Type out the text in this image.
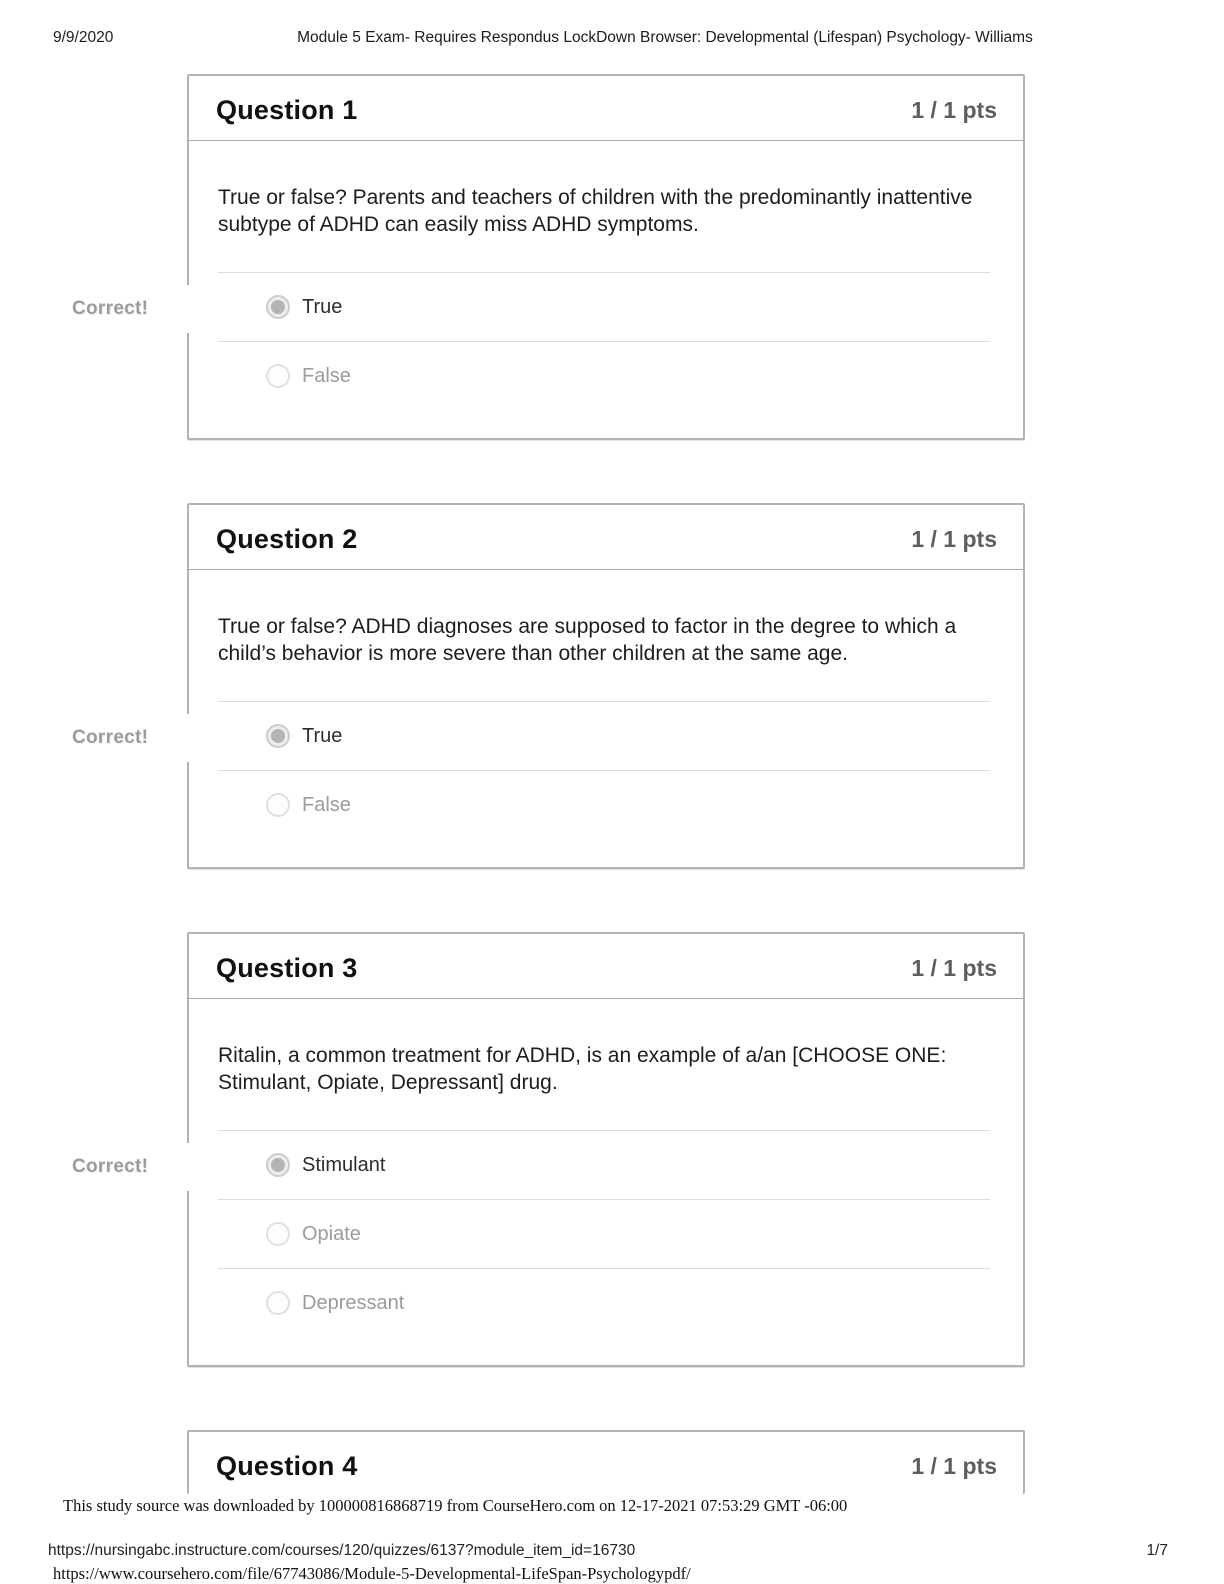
9/9/2020	Module 5 Exam- Requires Respondus LockDown Browser: Developmental (Lifespan) Psychology- Williams
Correct!
Question 1	1 / 1 pts

True or false? Parents and teachers of children with the predominantly inattentive subtype of ADHD can easily miss ADHD symptoms.

True
False
Correct!
Question 2	1 / 1 pts

True or false? ADHD diagnoses are supposed to factor in the degree to which a child’s behavior is more severe than other children at the same age.

True
False
Correct!
Question 3	1 / 1 pts

Ritalin, a common treatment for ADHD, is an example of a/an [CHOOSE ONE: Stimulant, Opiate, Depressant] drug.

Stimulant
Opiate
Depressant
Question 4	1 / 1 pts
This study source was downloaded by 100000816868719 from CourseHero.com on 12-17-2021 07:53:29 GMT -06:00
https://nursingabc.instructure.com/courses/120/quizzes/6137?module_item_id=16730	1/7
https://www.coursehero.com/file/67743086/Module-5-Developmental-LifeSpan-Psychologypdf/
